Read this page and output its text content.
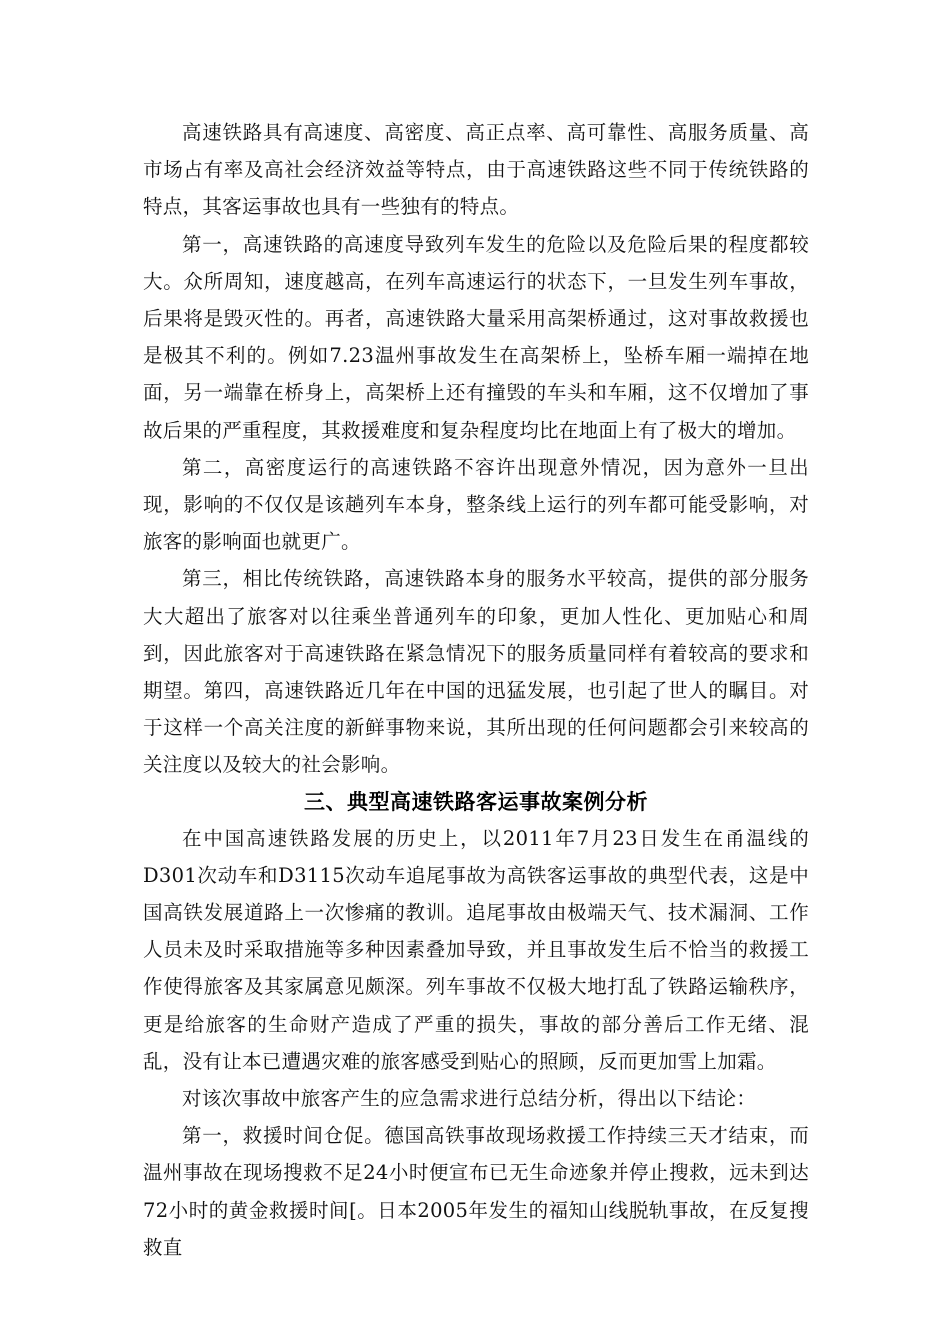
高速铁路具有高速度、高密度、高正点率、高可靠性、高服务质量、高市场占有率及高社会经济效益等特点，由于高速铁路这些不同于传统铁路的特点，其客运事故也具有一些独有的特点。

第一，高速铁路的高速度导致列车发生的危险以及危险后果的程度都较大。众所周知，速度越高，在列车高速运行的状态下，一旦发生列车事故，后果将是毁灭性的。再者，高速铁路大量采用高架桥通过，这对事故救援也是极其不利的。例如7.23温州事故发生在高架桥上，坠桥车厢一端掉在地面，另一端靠在桥身上，高架桥上还有撞毁的车头和车厢，这不仅增加了事故后果的严重程度，其救援难度和复杂程度均比在地面上有了极大的增加。

第二，高密度运行的高速铁路不容许出现意外情况，因为意外一旦出现，影响的不仅仅是该趟列车本身，整条线上运行的列车都可能受影响，对旅客的影响面也就更广。

第三，相比传统铁路，高速铁路本身的服务水平较高，提供的部分服务大大超出了旅客对以往乘坐普通列车的印象，更加人性化、更加贴心和周到，因此旅客对于高速铁路在紧急情况下的服务质量同样有着较高的要求和期望。第四，高速铁路近几年在中国的迅猛发展，也引起了世人的瞩目。对于这样一个高关注度的新鲜事物来说，其所出现的任何问题都会引来较高的关注度以及较大的社会影响。

三、典型高速铁路客运事故案例分析

在中国高速铁路发展的历史上，以2011年7月23日发生在甬温线的D301次动车和D3115次动车追尾事故为高铁客运事故的典型代表，这是中国高铁发展道路上一次惨痛的教训。追尾事故由极端天气、技术漏洞、工作人员未及时采取措施等多种因素叠加导致，并且事故发生后不恰当的救援工作使得旅客及其家属意见颇深。列车事故不仅极大地打乱了铁路运输秩序，更是给旅客的生命财产造成了严重的损失，事故的部分善后工作无绪、混乱，没有让本已遭遇灾难的旅客感受到贴心的照顾，反而更加雪上加霜。

对该次事故中旅客产生的应急需求进行总结分析，得出以下结论：

第一，救援时间仓促。德国高铁事故现场救援工作持续三天才结束，而温州事故在现场搜救不足24小时便宣布已无生命迹象并停止搜救，远未到达72小时的黄金救援时间[。日本2005年发生的福知山线脱轨事故，在反复搜救直
